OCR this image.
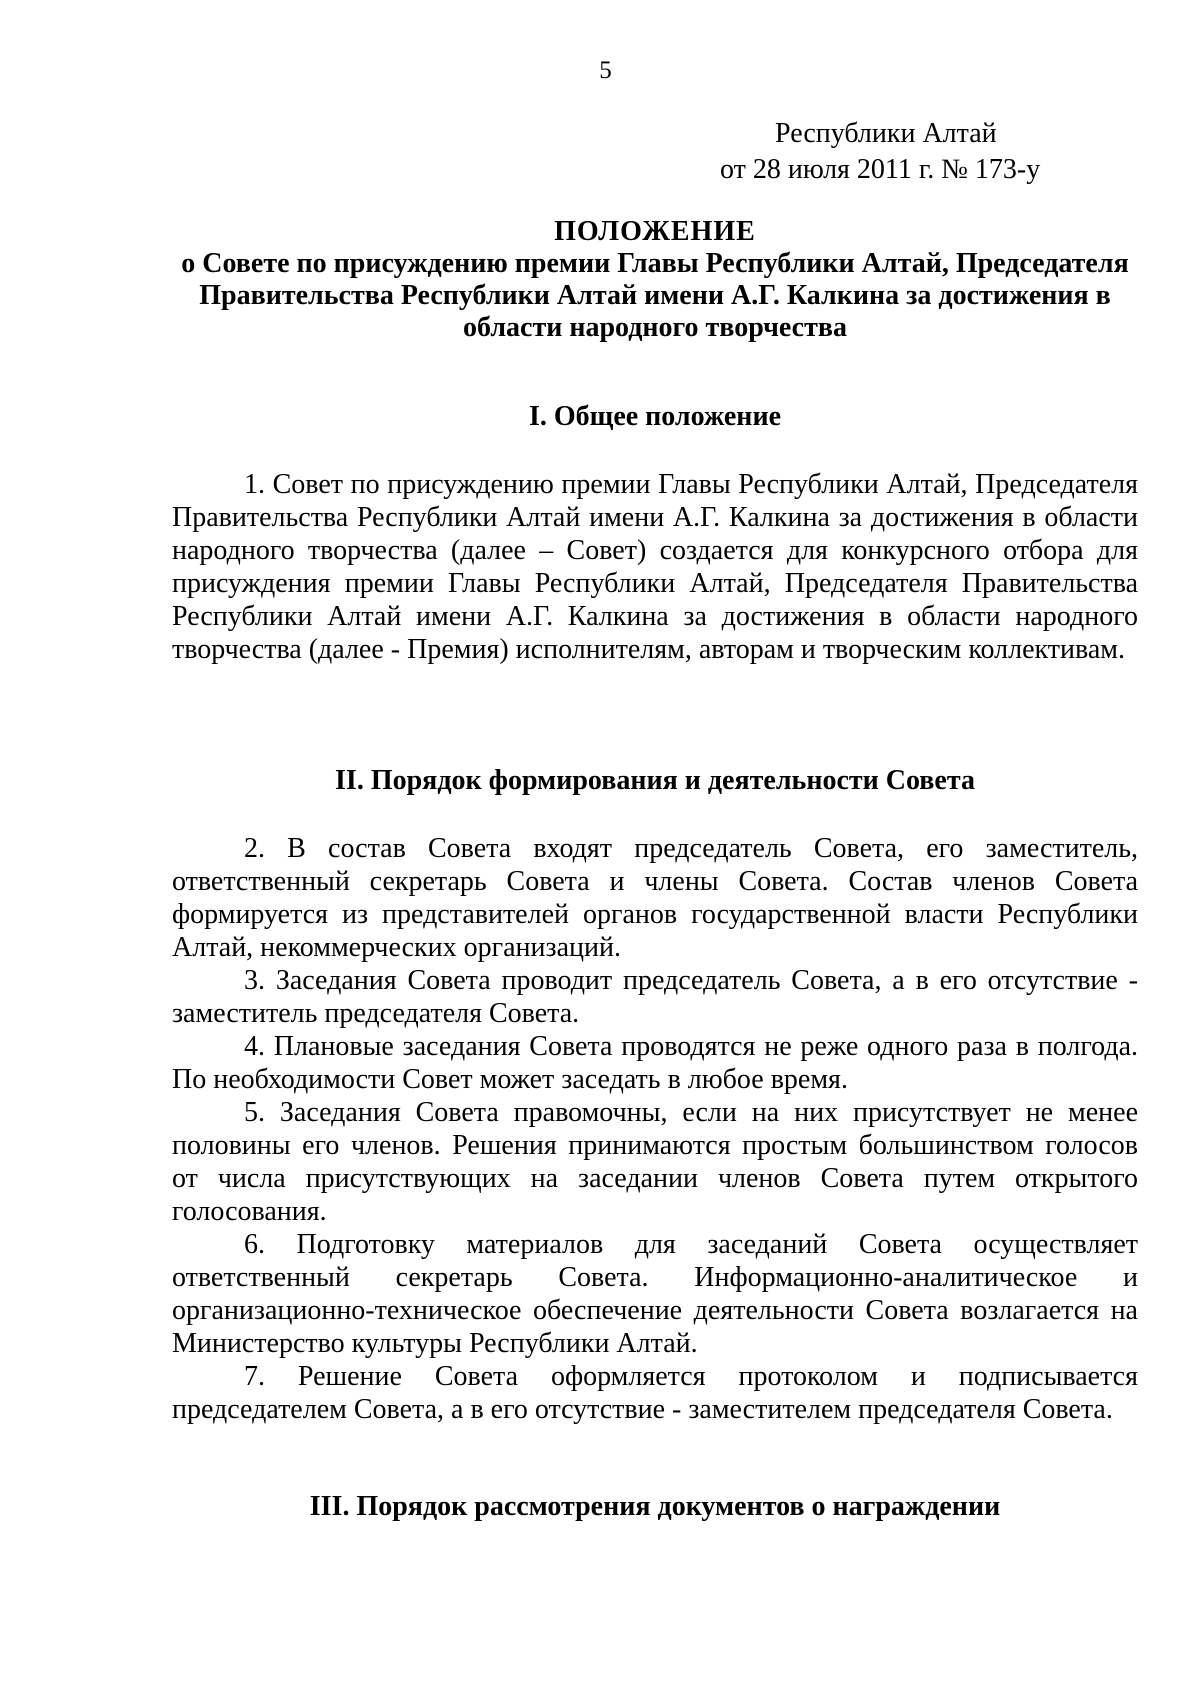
5
Республики Алтай
от 28 июля 2011 г. № 173-у
ПОЛОЖЕНИЕ
о Совете по присуждению премии Главы Республики Алтай, Председателя
Правительства Республики Алтай имени А.Г. Калкина за достижения в
области народного творчества
I. Общее положение

1. Совет по присуждению премии Главы Республики Алтай, Председателя Правительства Республики Алтай имени А.Г. Калкина за достижения в области народного творчества (далее – Совет) создается для конкурсного отбора для присуждения премии Главы Республики Алтай, Председателя Правительства Республики Алтай имени А.Г. Калкина за достижения в области народного творчества (далее - Премия) исполнителям, авторам и творческим коллективам.

II. Порядок формирования и деятельности Совета

2. В состав Совета входят председатель Совета, его заместитель, ответственный секретарь Совета и члены Совета. Состав членов Совета формируется из представителей органов государственной власти Республики Алтай, некоммерческих организаций.

3. Заседания Совета проводит председатель Совета, а в его отсутствие - заместитель председателя Совета.

4. Плановые заседания Совета проводятся не реже одного раза в полгода. По необходимости Совет может заседать в любое время.

5. Заседания Совета правомочны, если на них присутствует не менее половины его членов. Решения принимаются простым большинством голосов от числа присутствующих на заседании членов Совета путем открытого голосования.

6. Подготовку материалов для заседаний Совета осуществляет ответственный секретарь Совета. Информационно-аналитическое и организационно-техническое обеспечение деятельности Совета возлагается на Министерство культуры Республики Алтай.

7. Решение Совета оформляется протоколом и подписывается председателем Совета, а в его отсутствие - заместителем председателя Совета.

III. Порядок рассмотрения документов о награждении
